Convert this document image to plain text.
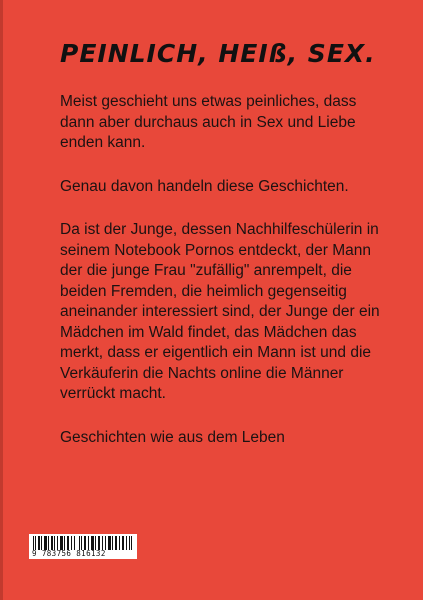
PEINLICH, HEIß, SEX.

Meist geschieht uns etwas peinliches, dass dann aber durchaus auch in Sex und Liebe enden kann.

Genau davon handeln diese Geschichten.

Da ist der Junge, dessen Nachhilfeschülerin in seinem Notebook Pornos entdeckt, der Mann der die junge Frau "zufällig" anrempelt, die beiden Fremden, die heimlich gegenseitig aneinander interessiert sind, der Junge der ein Mädchen im Wald findet, das Mädchen das merkt, dass er eigentlich ein Mann ist und die Verkäuferin die Nachts online die Männer verrückt macht.

Geschichten wie aus dem Leben

9 783756 816132
